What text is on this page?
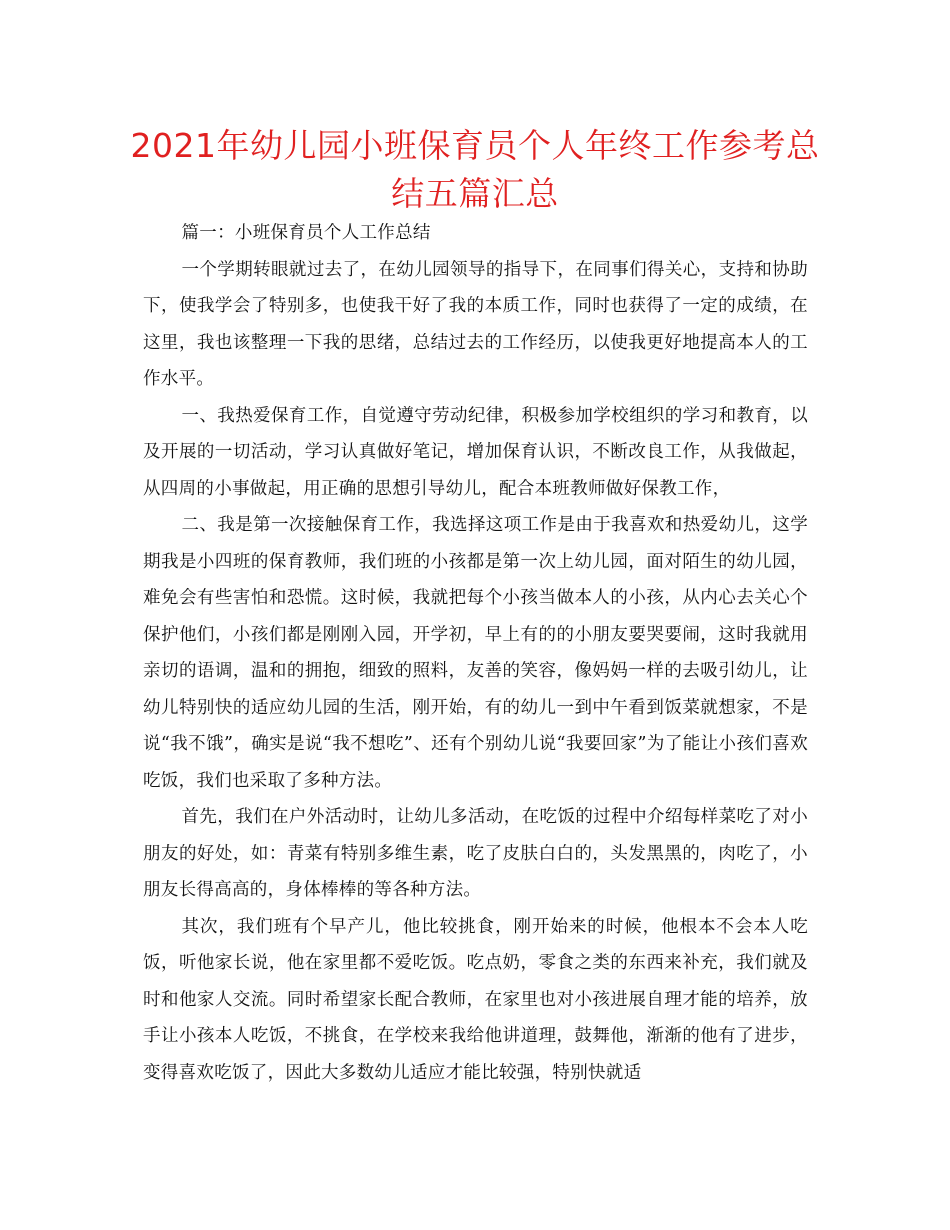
2021年幼儿园小班保育员个人年终工作参考总结五篇汇总

篇一：小班保育员个人工作总结

一个学期转眼就过去了，在幼儿园领导的指导下，在同事们得关心，支持和协助下，使我学会了特别多，也使我干好了我的本质工作，同时也获得了一定的成绩，在这里，我也该整理一下我的思绪，总结过去的工作经历，以使我更好地提高本人的工作水平。

一、我热爱保育工作，自觉遵守劳动纪律，积极参加学校组织的学习和教育，以及开展的一切活动，学习认真做好笔记，增加保育认识，不断改良工作，从我做起，从四周的小事做起，用正确的思想引导幼儿，配合本班教师做好保教工作，

二、我是第一次接触保育工作，我选择这项工作是由于我喜欢和热爱幼儿，这学期我是小四班的保育教师，我们班的小孩都是第一次上幼儿园，面对陌生的幼儿园，难免会有些害怕和恐慌。这时候，我就把每个小孩当做本人的小孩，从内心去关心个保护他们，小孩们都是刚刚入园，开学初，早上有的的小朋友要哭要闹，这时我就用亲切的语调，温和的拥抱，细致的照料，友善的笑容，像妈妈一样的去吸引幼儿，让幼儿特别快的适应幼儿园的生活，刚开始，有的幼儿一到中午看到饭菜就想家，不是说“我不饿”，确实是说“我不想吃”、还有个别幼儿说“我要回家”为了能让小孩们喜欢吃饭，我们也采取了多种方法。

首先，我们在户外活动时，让幼儿多活动，在吃饭的过程中介绍每样菜吃了对小朋友的好处，如：青菜有特别多维生素，吃了皮肤白白的，头发黑黑的，肉吃了，小朋友长得高高的，身体棒棒的等各种方法。

其次，我们班有个早产儿，他比较挑食，刚开始来的时候，他根本不会本人吃饭，听他家长说，他在家里都不爱吃饭。吃点奶，零食之类的东西来补充，我们就及时和他家人交流。同时希望家长配合教师，在家里也对小孩进展自理才能的培养，放手让小孩本人吃饭，不挑食，在学校来我给他讲道理，鼓舞他，渐渐的他有了进步，变得喜欢吃饭了，因此大多数幼儿适应才能比较强，特别快就适
